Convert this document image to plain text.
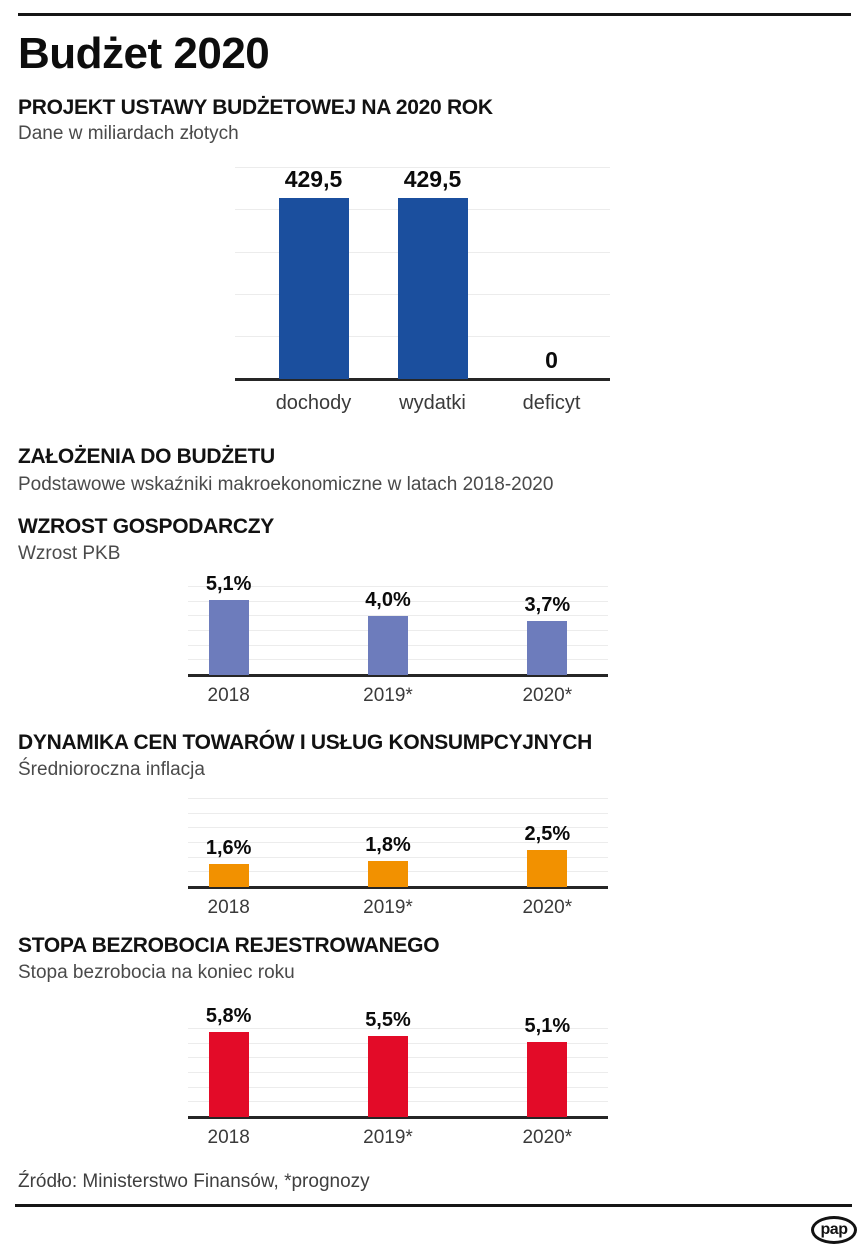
Budżet 2020
PROJEKT USTAWY BUDŻETOWEJ NA 2020 ROK

Dane w miliardach złotych

429,5	429,5
0
dochody	wydatki	deficyt
ZAŁOŻENIA DO BUDŻETU

Podstawowe wskaźniki makroekonomiczne w latach 2018-2020

WZROST GOSPODARCZY

Wzrost PKB

5,1%
4,0%	3,7%
2018	2019*	2020*
DYNAMIKA CEN TOWARÓW I USŁUG KONSUMPCYJNYCH

Średnioroczna inflacja

1,6%	1,8%	2,5%
2018	2019*	2020*
STOPA BEZROBOCIA REJESTROWANEGO

Stopa bezrobocia na koniec roku

5,8%	5,5%	5,1%
2018	2019*	2020*

Źródło: Ministerstwo Finansów, *prognozy

pap
